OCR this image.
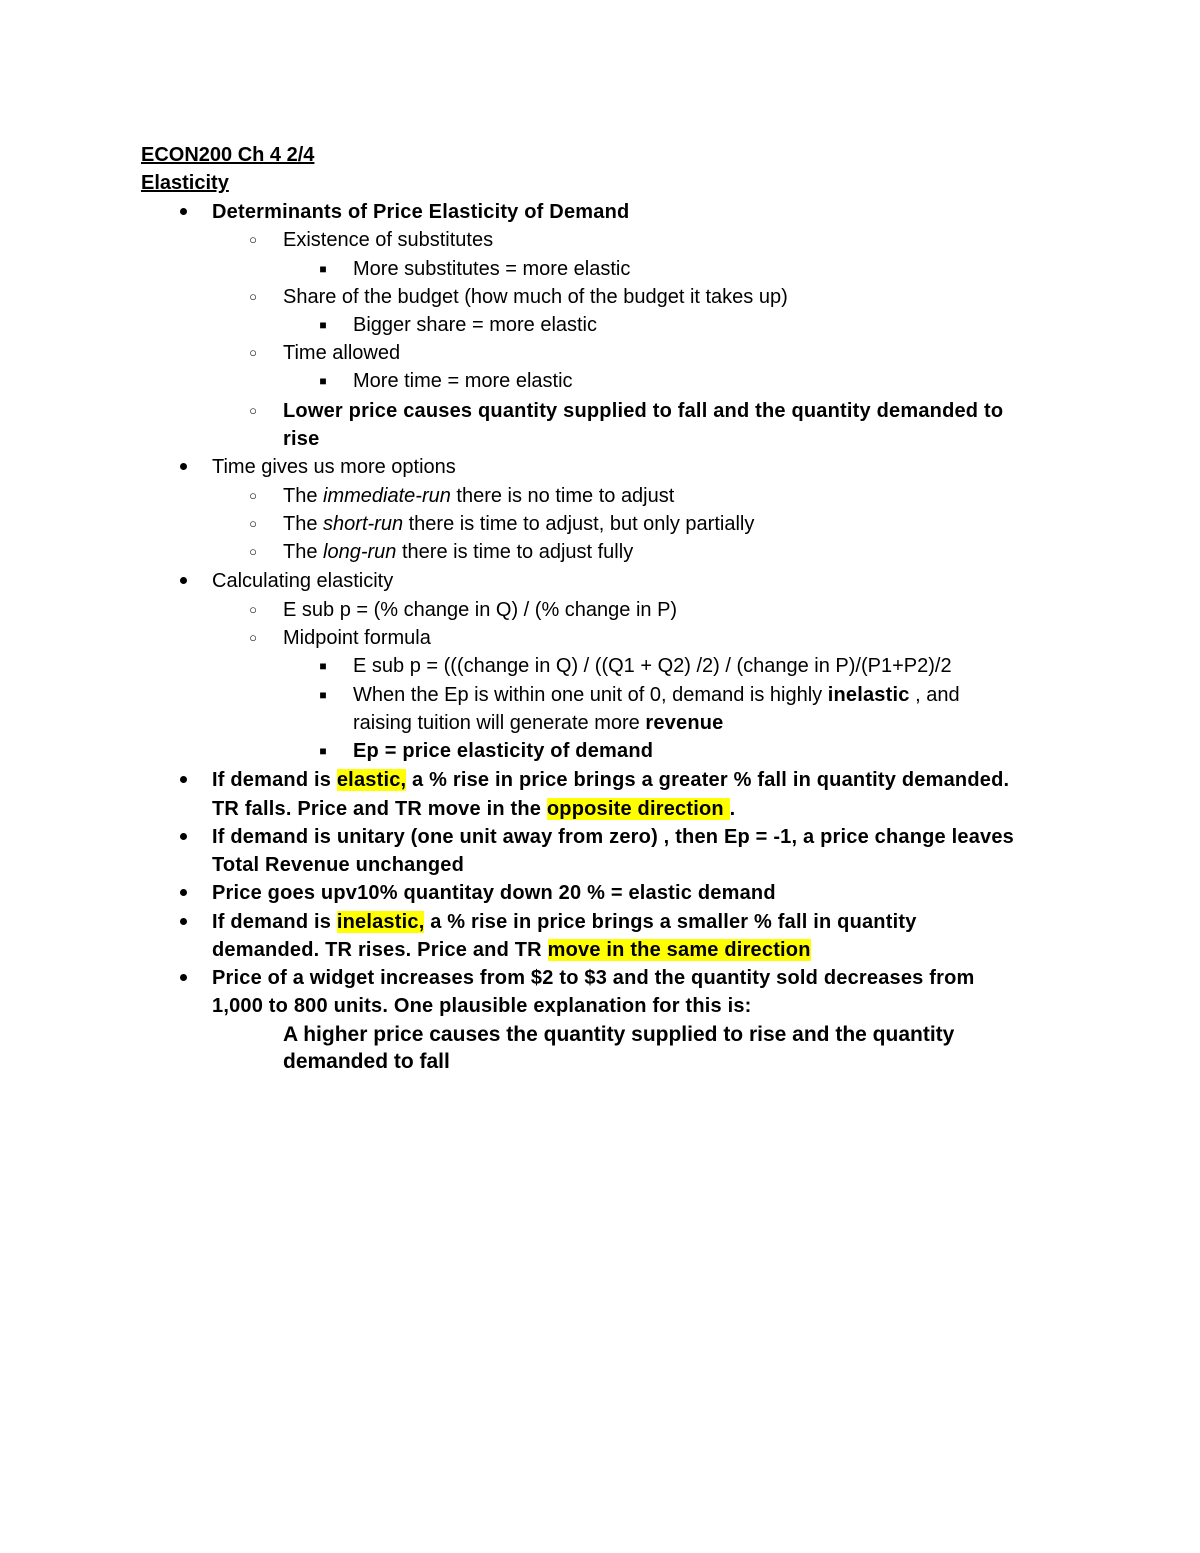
ECON200 Ch 4 2/4
Elasticity
Determinants of Price Elasticity of Demand
○ Existence of substitutes
■ More substitutes = more elastic
○ Share of the budget (how much of the budget it takes up)
■ Bigger share = more elastic
○ Time allowed
■ More time = more elastic
○ Lower price causes quantity supplied to fall and the quantity demanded to
rise
Time gives us more options
○ The immediate-run there is no time to adjust
○ The short-run there is time to adjust, but only partially
○ The long-run there is time to adjust fully
Calculating elasticity
○ E sub p = (% change in Q) / (% change in P)
○ Midpoint formula
■ E sub p = (((change in Q) / ((Q1 + Q2) /2) / (change in P)/(P1+P2)/2
■ When the Ep is within one unit of 0, demand is highly inelastic , and
raising tuition will generate more revenue
■ Ep = price elasticity of demand
If demand is elastic, a % rise in price brings a greater % fall in quantity demanded.
TR falls. Price and TR move in the opposite direction .
If demand is unitary (one unit away from zero) , then Ep = -1, a price change leaves
Total Revenue unchanged
Price goes upv10% quantitay down 20 % = elastic demand
If demand is inelastic, a % rise in price brings a smaller % fall in quantity
demanded. TR rises. Price and TR move in the same direction
Price of a widget increases from $2 to $3 and the quantity sold decreases from
1,000 to 800 units. One plausible explanation for this is:
A higher price causes the quantity supplied to rise and the quantity
demanded to fall
